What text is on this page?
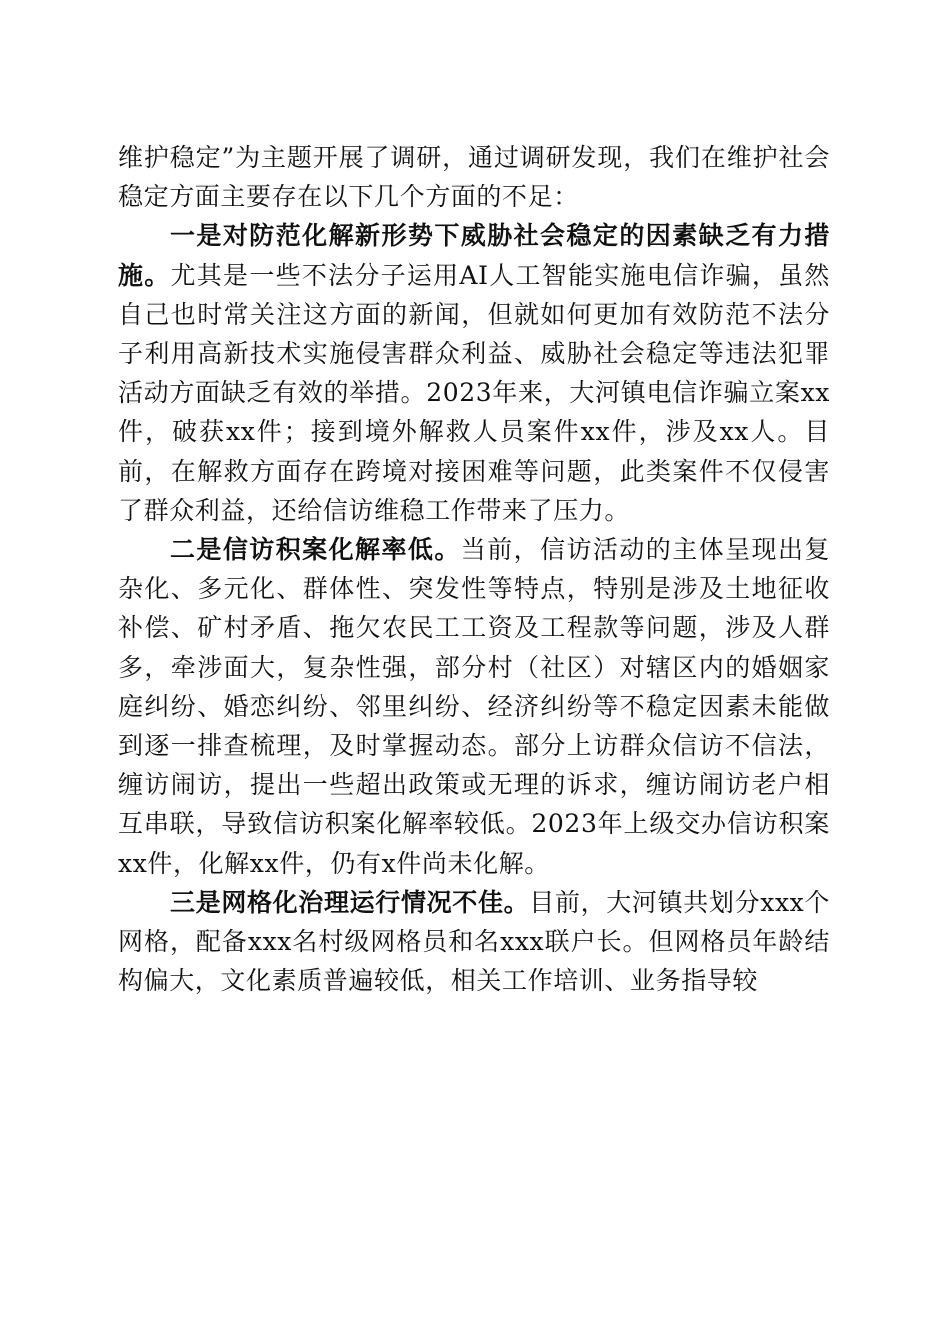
维护稳定”为主题开展了调研，通过调研发现，我们在维护社会稳定方面主要存在以下几个方面的不足：

一是对防范化解新形势下威胁社会稳定的因素缺乏有力措施。尤其是一些不法分子运用AI人工智能实施电信诈骗，虽然自己也时常关注这方面的新闻，但就如何更加有效防范不法分子利用高新技术实施侵害群众利益、威胁社会稳定等违法犯罪活动方面缺乏有效的举措。2023年来，大河镇电信诈骗立案xx件，破获xx件；接到境外解救人员案件xx件，涉及xx人。目前，在解救方面存在跨境对接困难等问题，此类案件不仅侵害了群众利益，还给信访维稳工作带来了压力。

二是信访积案化解率低。当前，信访活动的主体呈现出复杂化、多元化、群体性、突发性等特点，特别是涉及土地征收补偿、矿村矛盾、拖欠农民工工资及工程款等问题，涉及人群多，牵涉面大，复杂性强，部分村（社区）对辖区内的婚姻家庭纠纷、婚恋纠纷、邻里纠纷、经济纠纷等不稳定因素未能做到逐一排查梳理，及时掌握动态。部分上访群众信访不信法，缠访闹访，提出一些超出政策或无理的诉求，缠访闹访老户相互串联，导致信访积案化解率较低。2023年上级交办信访积案xx件，化解xx件，仍有x件尚未化解。

三是网格化治理运行情况不佳。目前，大河镇共划分xxx个网格，配备xxx名村级网格员和名xxx联户长。但网格员年龄结构偏大，文化素质普遍较低，相关工作培训、业务指导较
